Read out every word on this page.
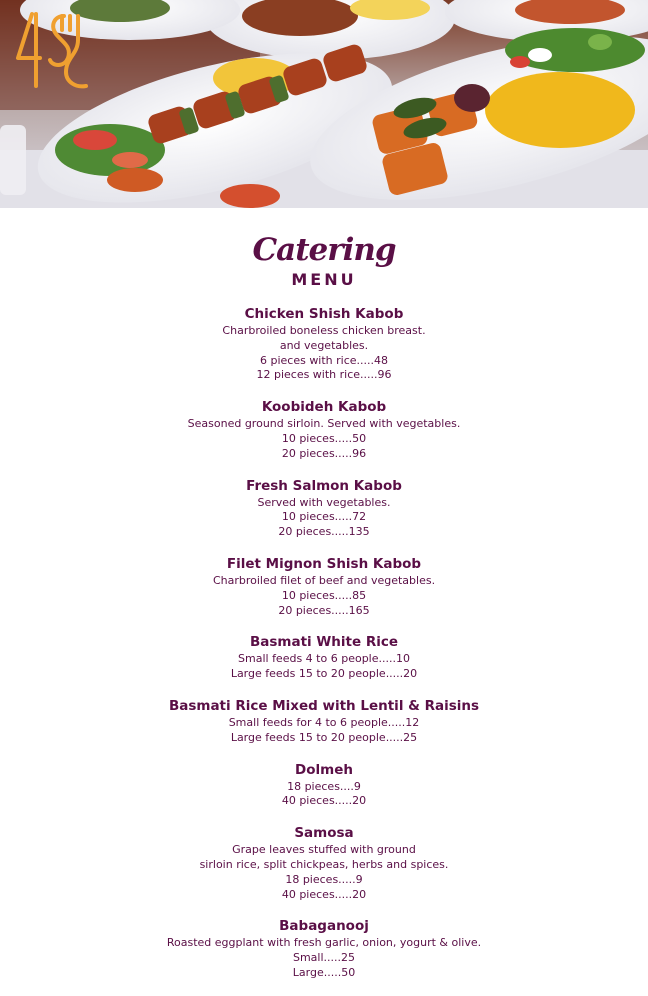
Catering
MENU
Chicken Shish Kabob
Charbroiled boneless chicken breast.
and vegetables.
6 pieces with rice.....48
12 pieces with rice.....96
Koobideh Kabob
Seasoned ground sirloin. Served with vegetables.
10 pieces.....50
20 pieces.....96
Fresh Salmon Kabob
Served with vegetables.
10 pieces.....72
20 pieces.....135
Filet Mignon Shish Kabob
Charbroiled filet of beef and vegetables.
10 pieces.....85
20 pieces.....165
Basmati White Rice
Small feeds 4 to 6 people.....10
Large feeds 15 to 20 people.....20
Basmati Rice Mixed with Lentil & Raisins
Small feeds for 4 to 6 people.....12
Large feeds 15 to 20 people.....25
Dolmeh
18 pieces....9
40 pieces.....20
Samosa
Grape leaves stuffed with ground
sirloin rice, split chickpeas, herbs and spices.
18 pieces.....9
40 pieces.....20
Babaganooj
Roasted eggplant with fresh garlic, onion, yogurt & olive.
Small.....25
Large.....50
